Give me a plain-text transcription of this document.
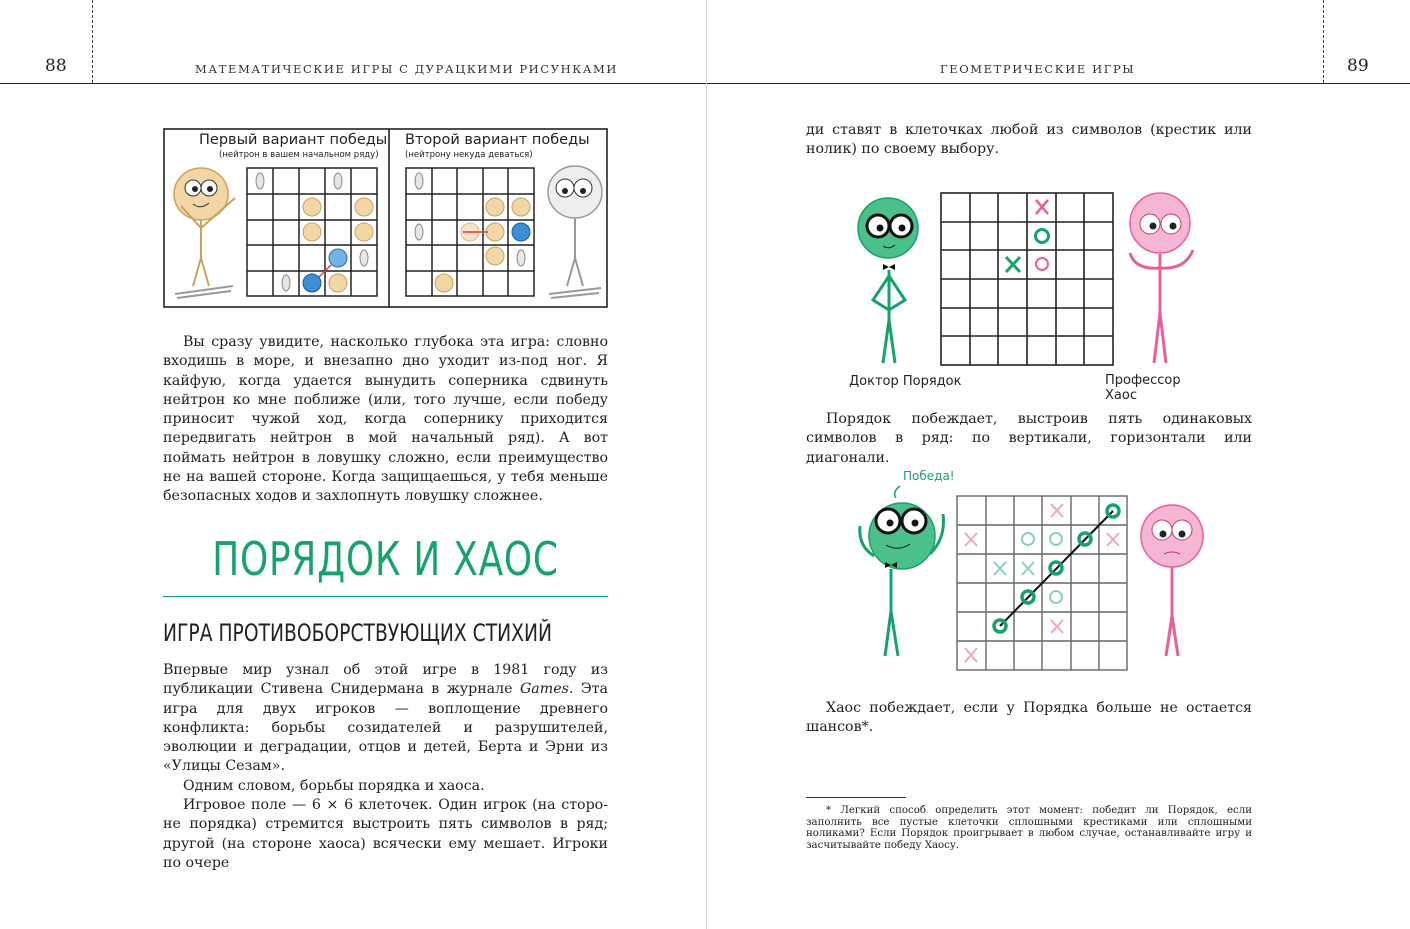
88	МАТЕМАТИЧЕСКИЕ ИГРЫ С ДУРАЦКИМИ РИСУНКАМИ	ГЕОМЕТРИЧЕСКИЕ ИГРЫ	89
Первый вариант победы
(нейтрон в вашем начальном ряду)
Второй вариант победы
(нейтрону некуда деваться)

Вы сразу увидите, насколько глубока эта игра: словно входишь в море, и внезапно дно уходит из-под ног. Я кайфую, когда удается вынудить соперника сдвинуть нейтрон ко мне поближе (или, того лучше, если победу приносит чужой ход, когда сопернику приходится передвигать нейтрон в мой начальный ряд). А вот поймать нейтрон в ловушку сложно, если преимущество не на вашей стороне. Когда защищаешься, у тебя меньше безопасных ходов и захлопнуть ловушку сложнее.

ПОРЯДОК И ХАОС
ИГРА ПРОТИВОБОРСТВУЮЩИХ СТИХИЙ

Впервые мир узнал об этой игре в 1981 году из публикации Стивена Снидермана в журнале Games. Эта игра для двух игроков — воплощение древнего конфликта: борьбы созидателей и разрушителей, эволюции и деградации, отцов и детей, Берта и Эрни из «Улицы Сезам».

Одним словом, борьбы порядка и хаоса.

Игровое поле — 6 × 6 клеточек. Один игрок (на стороне порядка) стремится выстроить пять символов в ряд; другой (на стороне хаоса) всячески ему мешает. Игроки по очере

ди ставят в клеточках любой из символов (крестик или нолик) по своему выбору.

Доктор Порядок	Профессор Хаос

Порядок побеждает, выстроив пять одинаковых символов в ряд: по вертикали, горизонтали или диагонали.

Победа!

Хаос побеждает, если у Порядка больше не остается шансов*.

* Легкий способ определить этот момент: победит ли Порядок, если заполнить все пустые клеточки сплошными крестиками или сплошными ноликами? Если Порядок проигрывает в любом случае, останавливайте игру и засчитывайте победу Хаосу.
